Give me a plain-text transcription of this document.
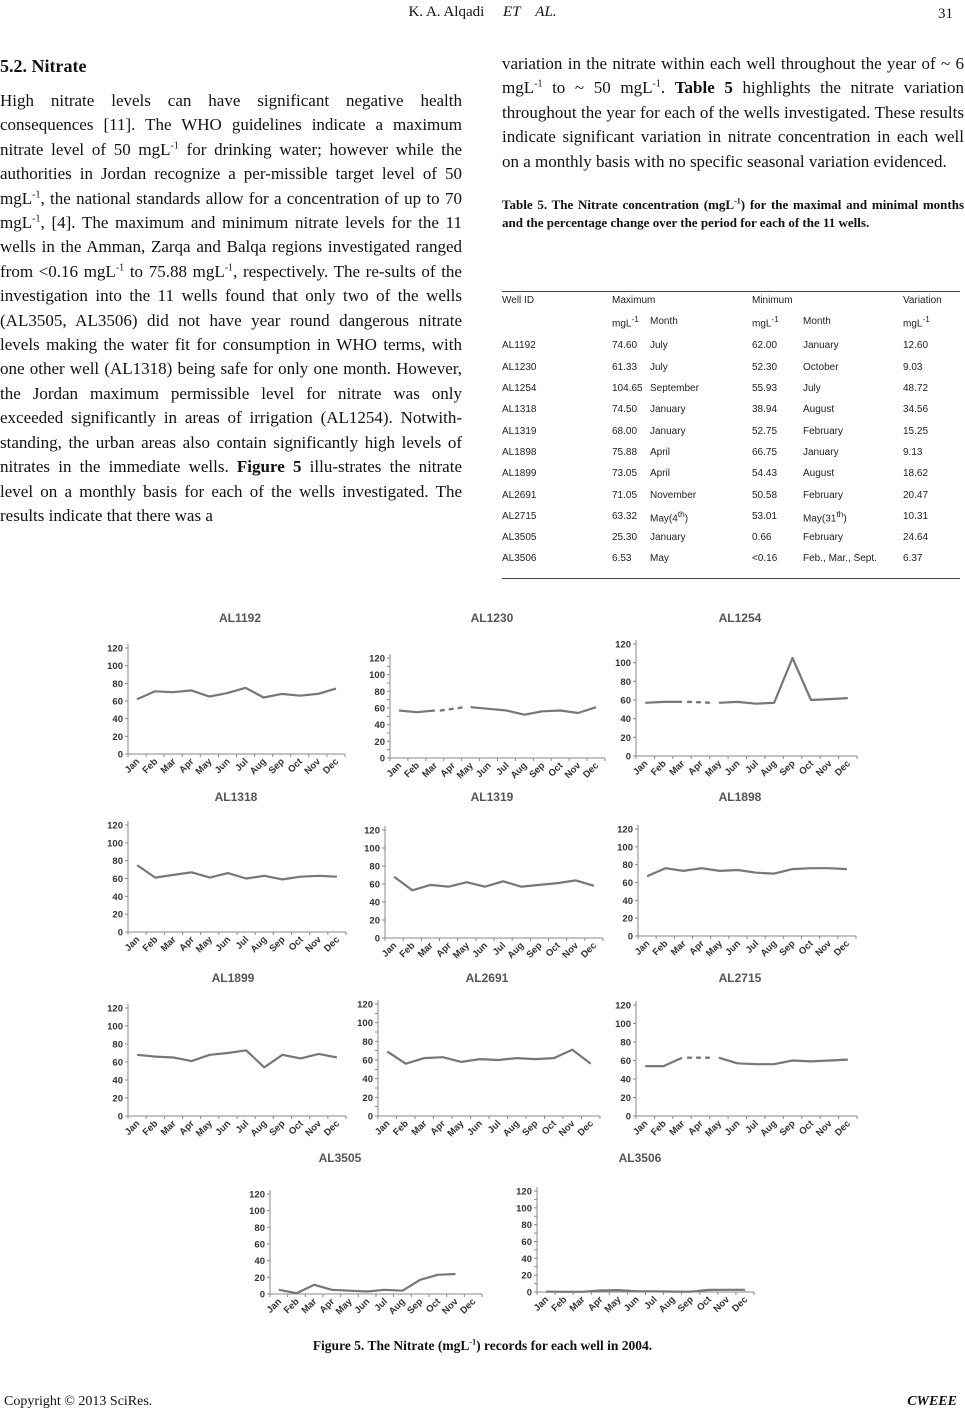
K. A. Alqadi     ET    AL.	31
5.2. Nitrate

High nitrate levels can have significant negative health consequences [11]. The WHO guidelines indicate a maximum nitrate level of 50 mgL$^{-1}$ for drinking water; however while the authorities in Jordan recognize a per-missible target level of 50 mgL$^{-1}$, the national standards allow for a concentration of up to 70 mgL$^{-1}$, [4]. The maximum and minimum nitrate levels for the 11 wells in the Amman, Zarqa and Balqa regions investigated ranged from <0.16 mgL$^{-1}$ to 75.88 mgL$^{-1}$, respectively. The re-sults of the investigation into the 11 wells found that only two of the wells (AL3505, AL3506) did not have year round dangerous nitrate levels making the water fit for consumption in WHO terms, with one other well (AL1318) being safe for only one month. However, the Jordan maximum permissible level for nitrate was only exceeded significantly in areas of irrigation (AL1254). Notwith-standing, the urban areas also contain significantly high levels of nitrates in the immediate wells. Figure 5 illu-strates the nitrate level on a monthly basis for each of the wells investigated. The results indicate that there was a

variation in the nitrate within each well throughout the year of ~ 6 mgL$^{-1}$ to ~ 50 mgL$^{-1}$. Table 5 highlights the nitrate variation throughout the year for each of the wells investigated. These results indicate significant variation in nitrate concentration in each well on a monthly basis with no specific seasonal variation evidenced.

Table 5. The Nitrate concentration (mgL$^{-1}$) for the maximal and minimal months and the percentage change over the period for each of the 11 wells.
Well ID	Maximum		Minimum		Variation
	mgL$^{-1}$	Month	mgL$^{-1}$	Month	mgL$^{-1}$
AL1192	74.60	July	62.00	January	12.60
AL1230	61.33	July	52.30	October	9.03
AL1254	104.65	September	55.93	July	48.72
AL1318	74.50	January	38.94	August	34.56
AL1319	68.00	January	52.75	February	15.25
AL1898	75.88	April	66.75	January	9.13
AL1899	73.05	April	54.43	August	18.62
AL2691	71.05	November	50.58	February	20.47
AL2715	63.32	May(4th)	53.01	May(31th)	10.31
AL3505	25.30	January	0.66	February	24.64
AL3506	6.53	May	<0.16	Feb., Mar., Sept.	6.37
AL1192
0
20
40
60
80
100
120
Jan
Feb
Mar
Apr
May
Jun Jul
Aug
Sep Oct
Nov
Dec
AL1230
0
20
40
60
80
100
120
Jan
Feb
Mar
Apr
May
Jun Jul
Aug
Sep
Oct
Nov
Dec
AL1254
0
20
40
60
80
100
120
Jan
Feb
Mar Apr
May
Jun Jul
Aug
Sep Oct
Nov
Dec
AL1318
0
20
40
60
80
100
120
Jan
Feb
Mar
Apr
May
Jun Jul
Aug
Sep Oct
Nov
Dec
AL1319
0
20
40
60
80
100
120
Jan
Feb
Mar
Apr
May
Jun Jul
Aug
Sep Oct
Nov
Dec
AL1898
0
20
40
60
80
100
120
Jan
Feb
Mar
Apr
May
Jun Jul
Aug
Sep Oct
Nov
Dec
AL1899
0
20
40
60
80
100
120
Jan
Feb
Mar
Apr
May
Jun Jul
Aug
Sep Oct
Nov
Dec
AL2691
0
20
40
60
80
100
120
Jan
Feb
Mar Apr
May
Jun Jul
Aug
Sep Oct
Nov
Dec
AL2715
0
20
40
60
80
100
120
Jan
Feb
Mar Apr
May
Jun Jul
Aug
Sep Oct
Nov
Dec
AL3505
0
20
40
60
80
100
120
Jan
Feb
Mar
Apr
May
Jun Jul
Aug
Sep
Oct
Nov
Dec
AL3506
0
20
40
60
80
100
120
Jan
Feb
Mar
Apr
May
Jun Jul
Aug
Sep Oct
Nov
Dec
Figure 5. The Nitrate (mgL$^{-1}$) records for each well in 2004.
Copyright © 2013 SciRes.	CWEEE
